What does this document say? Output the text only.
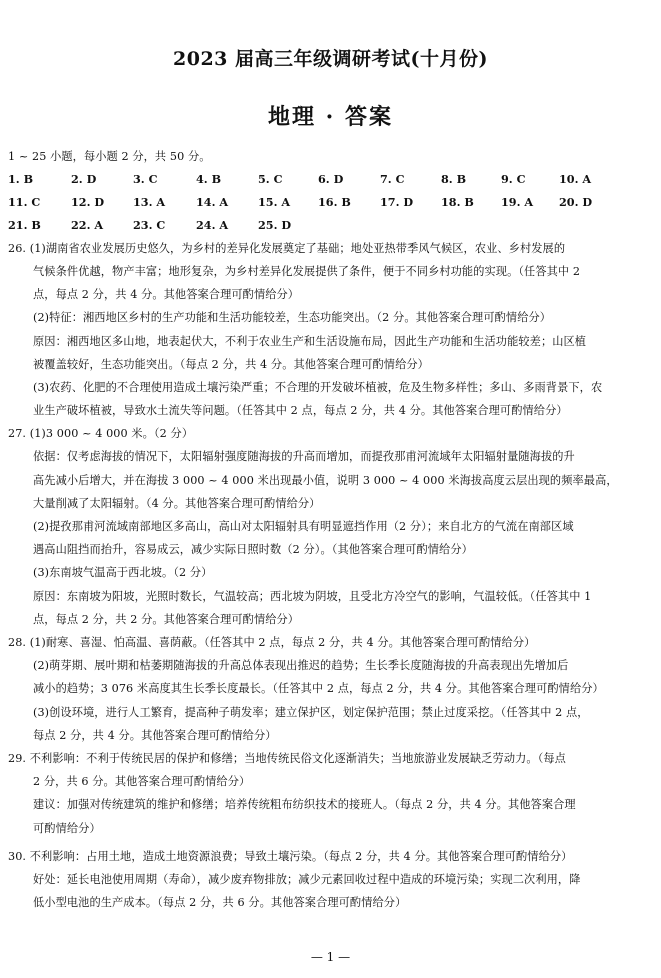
2023 届高三年级调研考试(十月份)
地理 · 答案
1 ~ 25 小题，每小题 2 分，共 50 分。
1. B	2. D	3. C	4. B	5. C	6. D	7. C	8. B	9. C	10. A
11. C	12. D	13. A	14. A	15. A 16. B	17. D 18. B 19. A 20. D
21. B	22. A	23. C	24. A	25. D
26. (1)湖南省农业发展历史悠久，为乡村的差异化发展奠定了基础；地处亚热带季风气候区，农业、乡村发展的
气候条件优越，物产丰富；地形复杂，为乡村差异化发展提供了条件，便于不同乡村功能的实现。（任答其中 2
点，每点 2 分，共 4 分。其他答案合理可酌情给分）
(2)特征：湘西地区乡村的生产功能和生活功能较差，生态功能突出。（2 分。其他答案合理可酌情给分）
原因：湘西地区多山地，地表起伏大，不利于农业生产和生活设施布局，因此生产功能和生活功能较差；山区植
被覆盖较好，生态功能突出。（每点 2 分，共 4 分。其他答案合理可酌情给分）
(3)农药、化肥的不合理使用造成土壤污染严重；不合理的开发破坏植被，危及生物多样性；多山、多雨背景下，农
业生产破坏植被，导致水土流失等问题。（任答其中 2 点，每点 2 分，共 4 分。其他答案合理可酌情给分）
27. (1)3 000 ~ 4 000 米。（2 分）
依据：仅考虑海拔的情况下，太阳辐射强度随海拔的升高而增加，而提孜那甫河流域年太阳辐射量随海拔的升
高先减小后增大，并在海拔 3 000 ~ 4 000 米出现最小值，说明 3 000 ~ 4 000 米海拔高度云层出现的频率最高，
大量削减了太阳辐射。（4 分。其他答案合理可酌情给分）
(2)提孜那甫河流域南部地区多高山，高山对太阳辐射具有明显遮挡作用（2 分）；来自北方的气流在南部区域
遇高山阻挡而抬升，容易成云，减少实际日照时数（2 分）。（其他答案合理可酌情给分）
(3)东南坡气温高于西北坡。（2 分）
原因：东南坡为阳坡，光照时数长，气温较高；西北坡为阴坡，且受北方冷空气的影响，气温较低。（任答其中 1
点，每点 2 分，共 2 分。其他答案合理可酌情给分）
28. (1)耐寒、喜湿、怕高温、喜荫蔽。（任答其中 2 点，每点 2 分，共 4 分。其他答案合理可酌情给分）
(2)萌芽期、展叶期和枯萎期随海拔的升高总体表现出推迟的趋势；生长季长度随海拔的升高表现出先增加后
减小的趋势；3 076 米高度其生长季长度最长。（任答其中 2 点，每点 2 分，共 4 分。其他答案合理可酌情给分）
(3)创设环境，进行人工繁育，提高种子萌发率；建立保护区，划定保护范围；禁止过度采挖。（任答其中 2 点，
每点 2 分，共 4 分。其他答案合理可酌情给分）
29. 不利影响：不利于传统民居的保护和修缮；当地传统民俗文化逐渐消失；当地旅游业发展缺乏劳动力。（每点
2 分，共 6 分。其他答案合理可酌情给分）
建议：加强对传统建筑的维护和修缮；培养传统粗布纺织技术的接班人。（每点 2 分，共 4 分。其他答案合理
可酌情给分）
30. 不利影响：占用土地，造成土地资源浪费；导致土壤污染。（每点 2 分，共 4 分。其他答案合理可酌情给分）
好处：延长电池使用周期（寿命），减少废弃物排放；减少元素回收过程中造成的环境污染；实现二次利用，降
低小型电池的生产成本。（每点 2 分，共 6 分。其他答案合理可酌情给分）
— 1 —
